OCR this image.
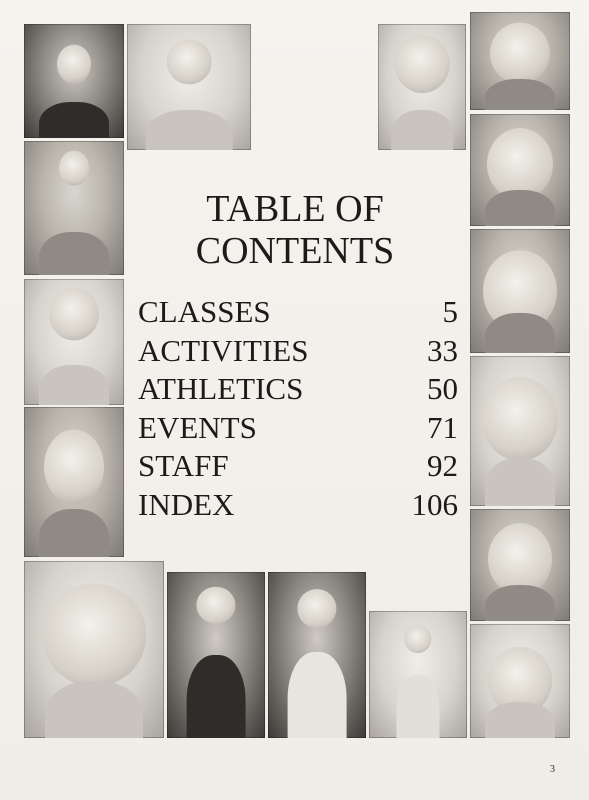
TABLE OF
CONTENTS
CLASSES	5
ACTIVITIES	33
ATHLETICS	50
EVENTS	71
STAFF	92
INDEX	106
3
